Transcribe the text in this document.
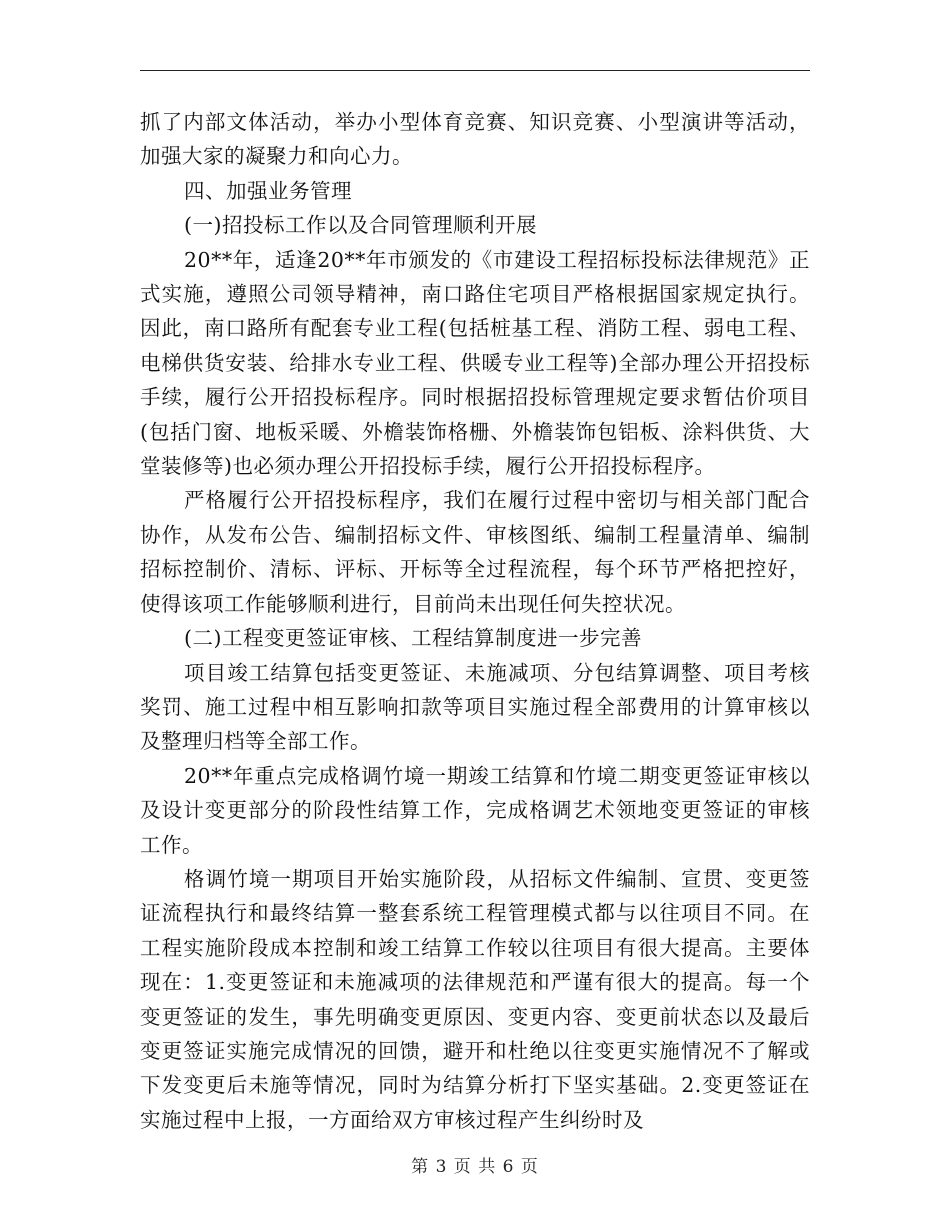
抓了内部文体活动，举办小型体育竞赛、知识竞赛、小型演讲等活动，加强大家的凝聚力和向心力。

四、加强业务管理

(一)招投标工作以及合同管理顺利开展

20**年，适逢20**年市颁发的《市建设工程招标投标法律规范》正式实施，遵照公司领导精神，南口路住宅项目严格根据国家规定执行。因此，南口路所有配套专业工程(包括桩基工程、消防工程、弱电工程、电梯供货安装、给排水专业工程、供暖专业工程等)全部办理公开招投标手续，履行公开招投标程序。同时根据招投标管理规定要求暂估价项目(包括门窗、地板采暖、外檐装饰格栅、外檐装饰包铝板、涂料供货、大堂装修等)也必须办理公开招投标手续，履行公开招投标程序。

严格履行公开招投标程序，我们在履行过程中密切与相关部门配合协作，从发布公告、编制招标文件、审核图纸、编制工程量清单、编制招标控制价、清标、评标、开标等全过程流程，每个环节严格把控好，使得该项工作能够顺利进行，目前尚未出现任何失控状况。

(二)工程变更签证审核、工程结算制度进一步完善

项目竣工结算包括变更签证、未施减项、分包结算调整、项目考核奖罚、施工过程中相互影响扣款等项目实施过程全部费用的计算审核以及整理归档等全部工作。

20**年重点完成格调竹境一期竣工结算和竹境二期变更签证审核以及设计变更部分的阶段性结算工作，完成格调艺术领地变更签证的审核工作。

格调竹境一期项目开始实施阶段，从招标文件编制、宣贯、变更签证流程执行和最终结算一整套系统工程管理模式都与以往项目不同。在工程实施阶段成本控制和竣工结算工作较以往项目有很大提高。主要体现在：1.变更签证和未施减项的法律规范和严谨有很大的提高。每一个变更签证的发生，事先明确变更原因、变更内容、变更前状态以及最后变更签证实施完成情况的回馈，避开和杜绝以往变更实施情况不了解或下发变更后未施等情况，同时为结算分析打下坚实基础。2.变更签证在实施过程中上报，一方面给双方审核过程产生纠纷时及

第 3 页 共 6 页
